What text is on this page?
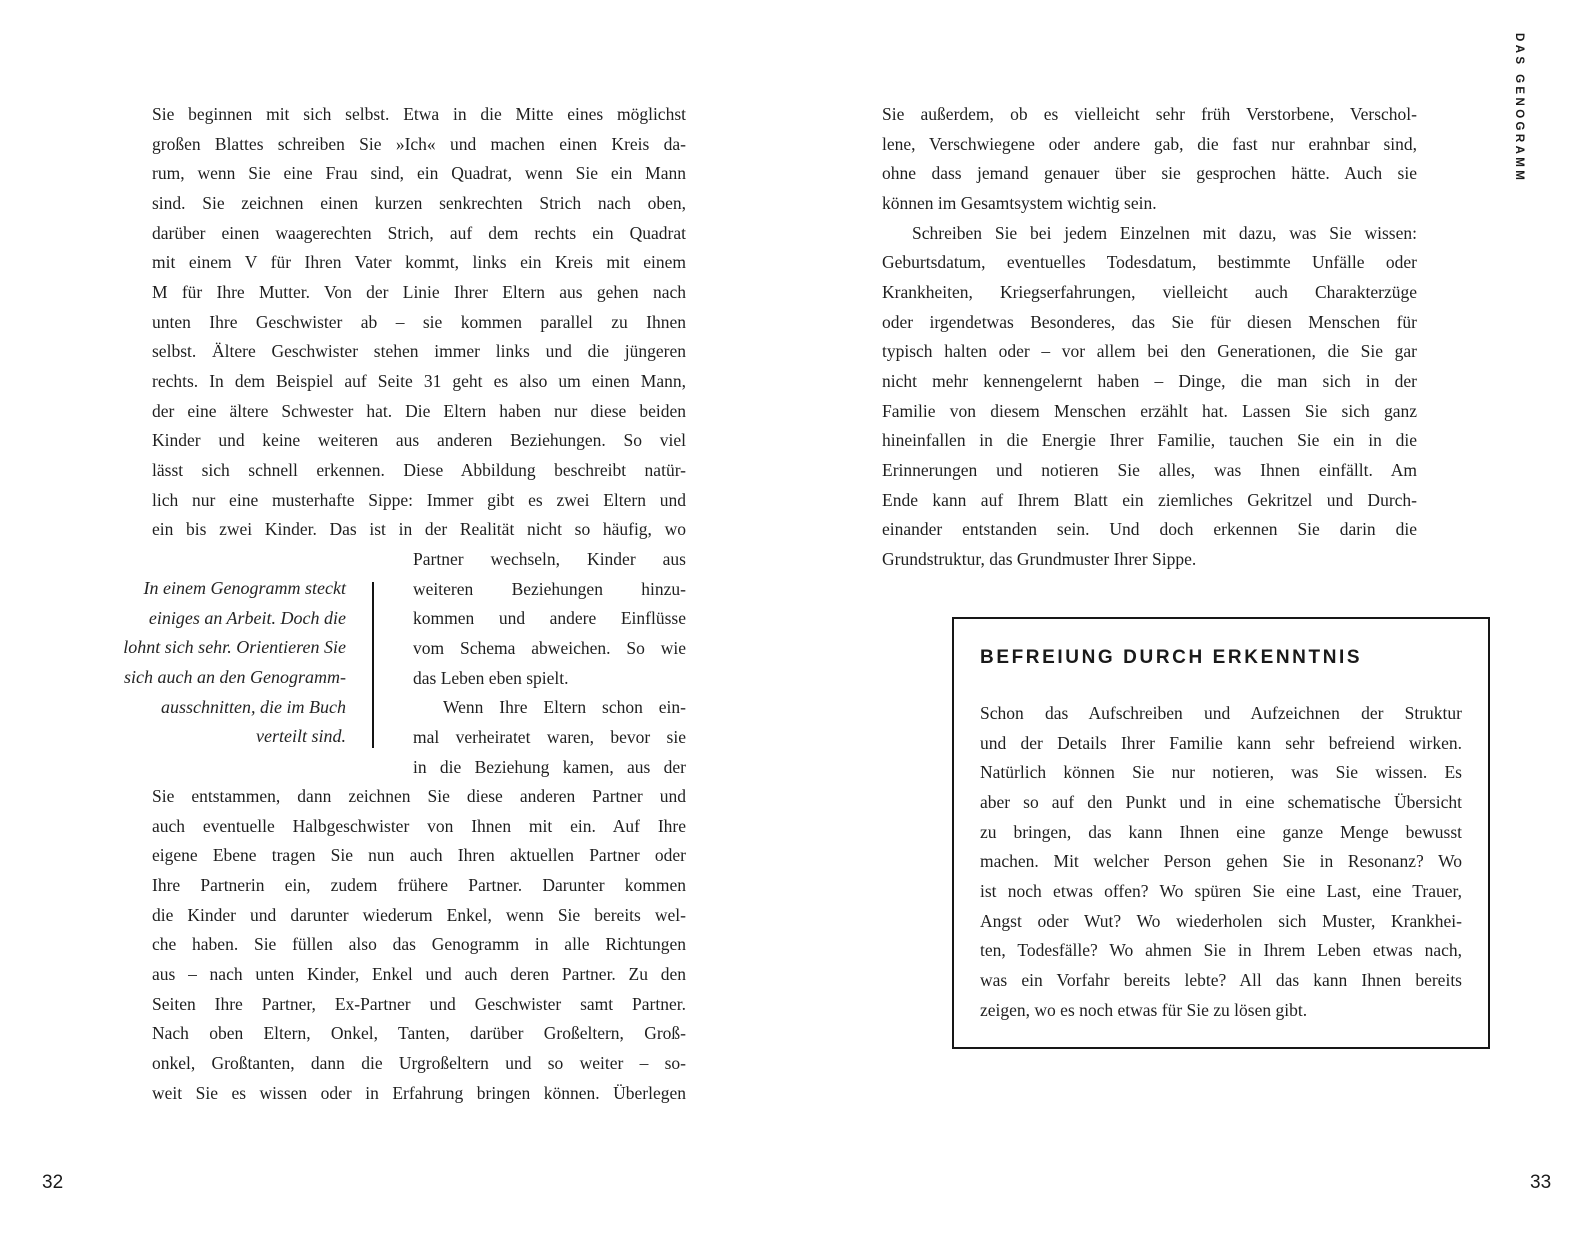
Sie beginnen mit sich selbst. Etwa in die Mitte eines möglichst
großen Blattes schreiben Sie »Ich« und machen einen Kreis da-
rum, wenn Sie eine Frau sind, ein Quadrat, wenn Sie ein Mann
sind. Sie zeichnen einen kurzen senkrechten Strich nach oben,
darüber einen waagerechten Strich, auf dem rechts ein Quadrat
mit einem V für Ihren Vater kommt, links ein Kreis mit einem
M für Ihre Mutter. Von der Linie Ihrer Eltern aus gehen nach
unten Ihre Geschwister ab – sie kommen parallel zu Ihnen
selbst. Ältere Geschwister stehen immer links und die jüngeren
rechts. In dem Beispiel auf Seite 31 geht es also um einen Mann,
der eine ältere Schwester hat. Die Eltern haben nur diese beiden
Kinder und keine weiteren aus anderen Beziehungen. So viel
lässt sich schnell erkennen. Diese Abbildung beschreibt natür-
lich nur eine musterhafte Sippe: Immer gibt es zwei Eltern und
ein bis zwei Kinder. Das ist in der Realität nicht so häufig, wo
In einem Genogramm steckt
einiges an Arbeit. Doch die
lohnt sich sehr. Orientieren Sie
sich auch an den Genogramm-
ausschnitten, die im Buch
verteilt sind.
Partner wechseln, Kinder aus
weiteren Beziehungen hinzu-
kommen und andere Einflüsse
vom Schema abweichen. So wie
das Leben eben spielt.
Wenn Ihre Eltern schon ein-
mal verheiratet waren, bevor sie
in die Beziehung kamen, aus der
Sie entstammen, dann zeichnen Sie diese anderen Partner und
auch eventuelle Halbgeschwister von Ihnen mit ein. Auf Ihre
eigene Ebene tragen Sie nun auch Ihren aktuellen Partner oder
Ihre Partnerin ein, zudem frühere Partner. Darunter kommen
die Kinder und darunter wiederum Enkel, wenn Sie bereits wel-
che haben. Sie füllen also das Genogramm in alle Richtungen
aus – nach unten Kinder, Enkel und auch deren Partner. Zu den
Seiten Ihre Partner, Ex-Partner und Geschwister samt Partner.
Nach oben Eltern, Onkel, Tanten, darüber Großeltern, Groß-
onkel, Großtanten, dann die Urgroßeltern und so weiter – so-
weit Sie es wissen oder in Erfahrung bringen können. Überlegen
32
Sie außerdem, ob es vielleicht sehr früh Verstorbene, Verschol-
lene, Verschwiegene oder andere gab, die fast nur erahnbar sind,
ohne dass jemand genauer über sie gesprochen hätte. Auch sie
können im Gesamtsystem wichtig sein.
Schreiben Sie bei jedem Einzelnen mit dazu, was Sie wissen:
Geburtsdatum, eventuelles Todesdatum, bestimmte Unfälle oder
Krankheiten, Kriegserfahrungen, vielleicht auch Charakterzüge
oder irgendetwas Besonderes, das Sie für diesen Menschen für
typisch halten oder – vor allem bei den Generationen, die Sie gar
nicht mehr kennengelernt haben – Dinge, die man sich in der
Familie von diesem Menschen erzählt hat. Lassen Sie sich ganz
hineinfallen in die Energie Ihrer Familie, tauchen Sie ein in die
Erinnerungen und notieren Sie alles, was Ihnen einfällt. Am
Ende kann auf Ihrem Blatt ein ziemliches Gekritzel und Durch-
einander entstanden sein. Und doch erkennen Sie darin die
Grundstruktur, das Grundmuster Ihrer Sippe.
BEFREIUNG DURCH ERKENNTNIS
Schon das Aufschreiben und Aufzeichnen der Struktur
und der Details Ihrer Familie kann sehr befreiend wirken.
Natürlich können Sie nur notieren, was Sie wissen. Es
aber so auf den Punkt und in eine schematische Übersicht
zu bringen, das kann Ihnen eine ganze Menge bewusst
machen. Mit welcher Person gehen Sie in Resonanz? Wo
ist noch etwas offen? Wo spüren Sie eine Last, eine Trauer,
Angst oder Wut? Wo wiederholen sich Muster, Krankhei-
ten, Todesfälle? Wo ahmen Sie in Ihrem Leben etwas nach,
was ein Vorfahr bereits lebte? All das kann Ihnen bereits
zeigen, wo es noch etwas für Sie zu lösen gibt.
DAS GENOGRAMM
33
